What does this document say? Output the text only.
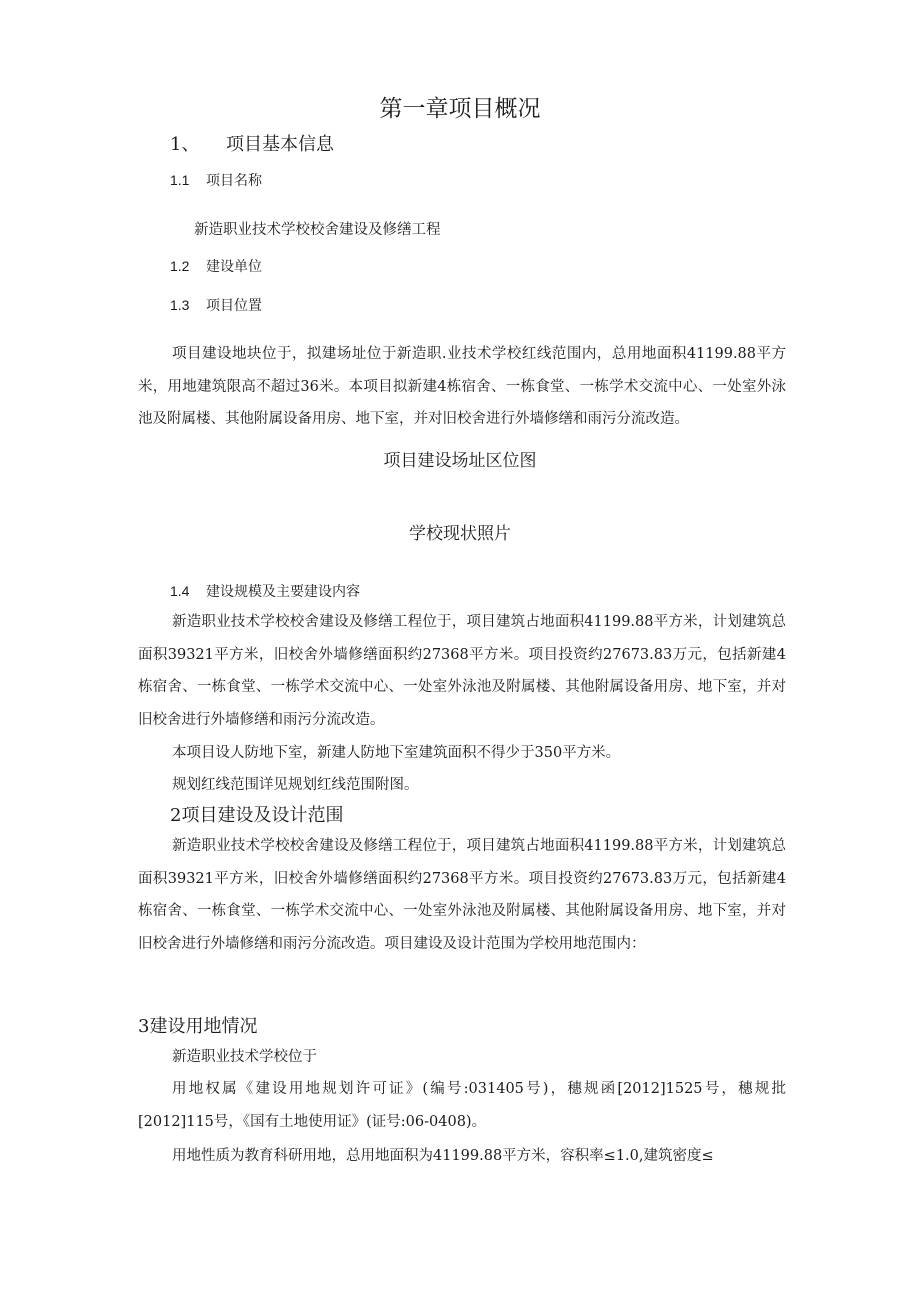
第一章项目概况
1、 项目基本信息
1.1 项目名称
新造职业技术学校校舍建设及修缮工程
1.2 建设单位
1.3 项目位置
项目建设地块位于，拟建场址位于新造职.业技术学校红线范围内，总用地面积41199.88平方米，用地建筑限高不超过36米。本项目拟新建4栋宿舍、一栋食堂、一栋学术交流中心、一处室外泳池及附属楼、其他附属设备用房、地下室，并对旧校舍进行外墙修缮和雨污分流改造。
项目建设场址区位图
学校现状照片
1.4 建设规模及主要建设内容
新造职业技术学校校舍建设及修缮工程位于，项目建筑占地面积41199.88平方米，计划建筑总面积39321平方米，旧校舍外墙修缮面积约27368平方米。项目投资约27673.83万元，包括新建4栋宿舍、一栋食堂、一栋学术交流中心、一处室外泳池及附属楼、其他附属设备用房、地下室，并对旧校舍进行外墙修缮和雨污分流改造。
本项目设人防地下室，新建人防地下室建筑面积不得少于350平方米。
规划红线范围详见规划红线范围附图。
2项目建设及设计范围
新造职业技术学校校舍建设及修缮工程位于，项目建筑占地面积41199.88平方米，计划建筑总面积39321平方米，旧校舍外墙修缮面积约27368平方米。项目投资约27673.83万元，包括新建4栋宿舍、一栋食堂、一栋学术交流中心、一处室外泳池及附属楼、其他附属设备用房、地下室，并对旧校舍进行外墙修缮和雨污分流改造。项目建设及设计范围为学校用地范围内：
3建设用地情况
新造职业技术学校位于
用地权属《建设用地规划许可证》(编号:031405号)，穗规函[2012]1525号，穗规批[2012]115号，《国有土地使用证》(证号:06-0408)。
用地性质为教育科研用地，总用地面积为41199.88平方米，容积率≤1.0,建筑密度≤
